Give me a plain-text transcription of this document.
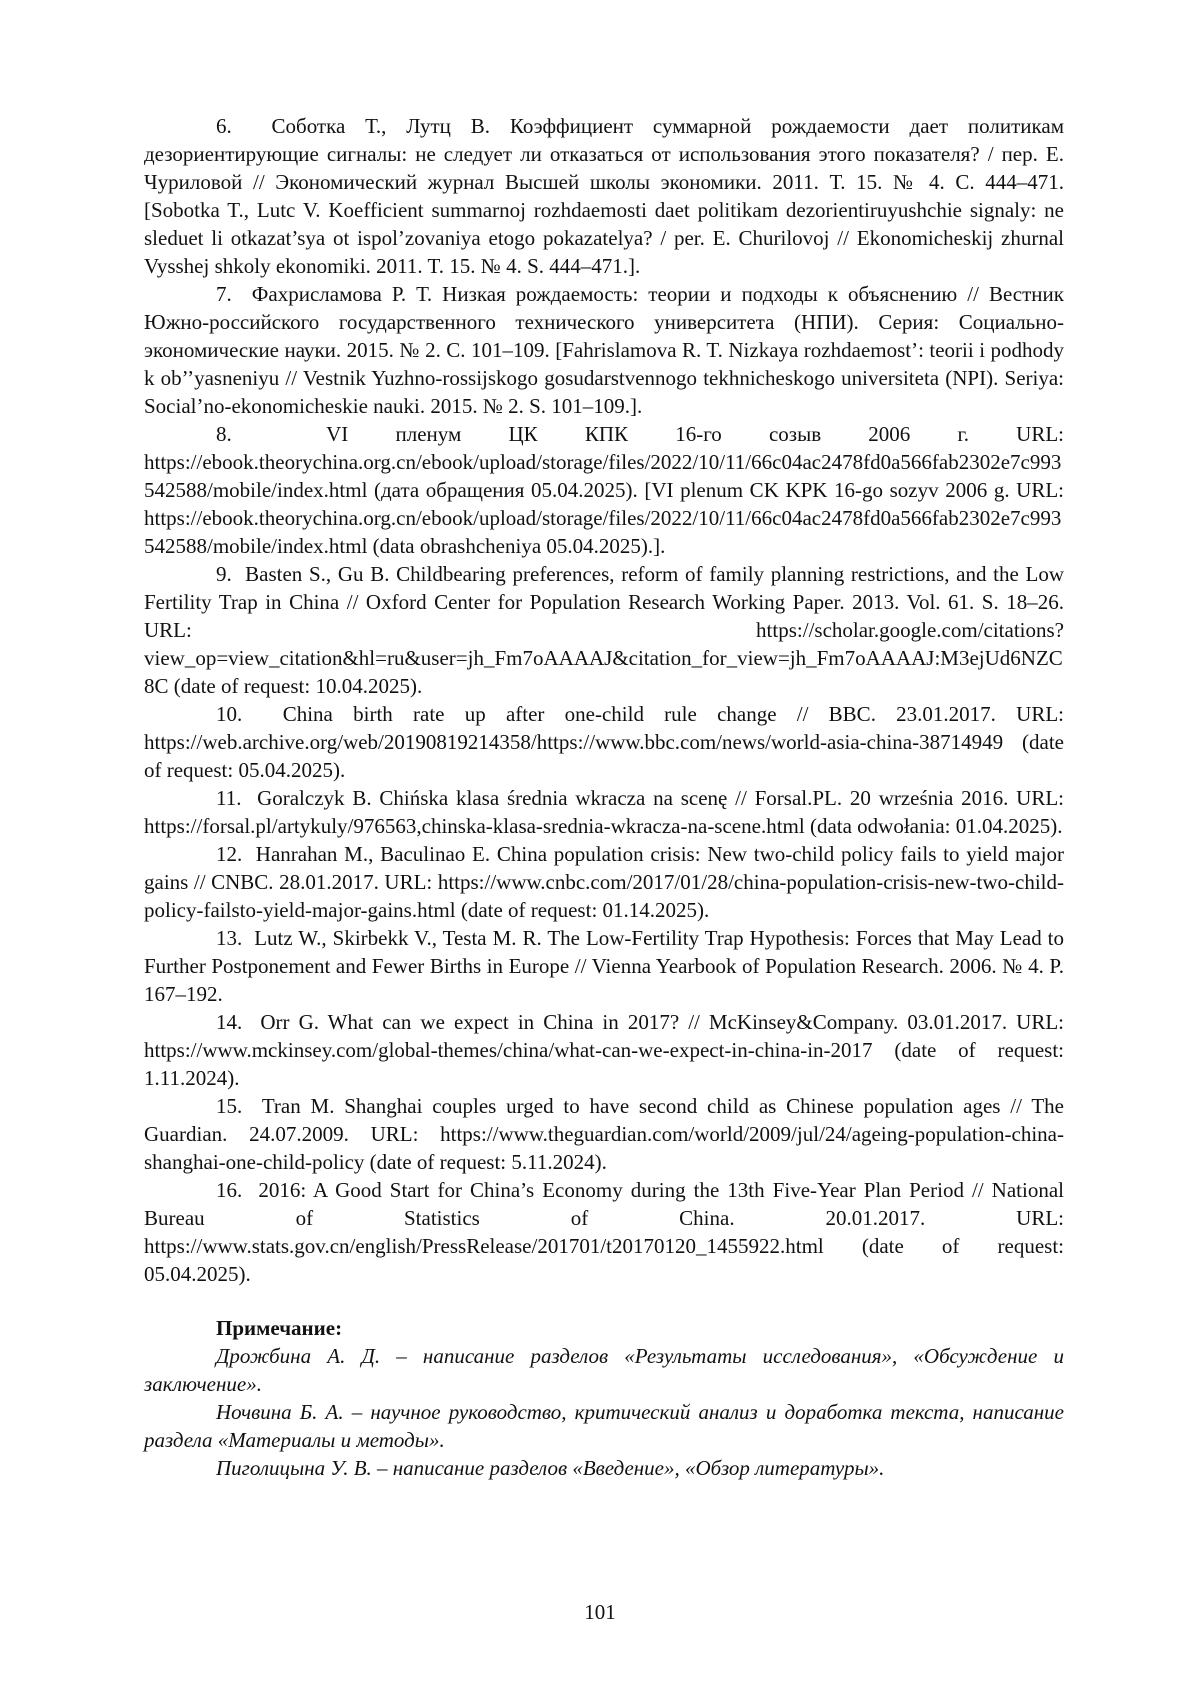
6. Соботка Т., Лутц В. Коэффициент суммарной рождаемости дает политикам дезориентирующие сигналы: не следует ли отказаться от использования этого показателя? / пер. Е. Чуриловой // Экономический журнал Высшей школы экономики. 2011. Т. 15. № 4. С. 444–471. [Sobotka T., Lutc V. Koefficient summarnoj rozhdaemosti daet politikam dezorientiruyushchie signaly: ne sleduet li otkazat’sya ot ispol’zovaniya etogo pokazatelya? / per. E. Churilovoj // Ekonomicheskij zhurnal Vysshej shkoly ekonomiki. 2011. T. 15. № 4. S. 444–471.].

7. Фахрисламова Р. Т. Низкая рождаемость: теории и подходы к объяснению // Вестник Южно-российского государственного технического университета (НПИ). Серия: Социально-экономические науки. 2015. № 2. С. 101–109. [Fahrislamova R. T. Nizkaya rozhdaemost’: teorii i podhody k ob’’yasneniyu // Vestnik Yuzhno-rossijskogo gosudarstvennogo tekhnicheskogo universiteta (NPI). Seriya: Social’no-ekonomicheskie nauki. 2015. № 2. S. 101–109.].

8.	VI пленум ЦК КПК 16-го созыв 2006 г. URL: https://ebook.theorychina.org.cn/ebook/upload/storage/files/2022/10/11/66c04ac2478fd0a566fab2302e7c993542588/mobile/index.html (дата обращения 05.04.2025). [VI plenum CK KPK 16-go sozyv 2006 g. URL: https://ebook.theorychina.org.cn/ebook/upload/storage/files/2022/10/11/66c04ac2478fd0a566fab2302e7c993542588/mobile/index.html (data obrashcheniya 05.04.2025).].

9. Basten S., Gu B. Childbearing preferences, reform of family planning restrictions, and the Low Fertility Trap in China // Oxford Center for Population Research Working Paper. 2013. Vol. 61. S. 18–26. URL: https://scholar.google.com/citations?view_op=view_citation&hl=ru&user=jh_Fm7oAAAAJ&citation_for_view=jh_Fm7oAAAAJ:M3ejUd6NZC8C (date of request: 10.04.2025).

10. China birth rate up after one-child rule change // BBC. 23.01.2017. URL: https://web.archive.org/web/20190819214358/https://www.bbc.com/news/world-asia-china-38714949 (date of request: 05.04.2025).

11. Goralczyk B. Chińska klasa średnia wkracza na scenę // Forsal.PL. 20 września 2016. URL: https://forsal.pl/artykuly/976563,chinska-klasa-srednia-wkracza-na-scene.html (data odwołania: 01.04.2025).

12. Hanrahan M., Baculinao E. China population crisis: New two-child policy fails to yield major gains // CNBC. 28.01.2017. URL: https://www.cnbc.com/2017/01/28/china-population-crisis-new-two-child-policy-failsto-yield-major-gains.html (date of request: 01.14.2025).

13. Lutz W., Skirbekk V., Testa M. R. The Low-Fertility Trap Hypothesis: Forces that May Lead to Further Postponement and Fewer Births in Europe // Vienna Yearbook of Population Research. 2006. № 4. P. 167–192.

14. Orr G. What can we expect in China in 2017? // McKinsey&Company. 03.01.2017. URL: https://www.mckinsey.com/global-themes/china/what-can-we-expect-in-china-in-2017 (date of request: 1.11.2024).

15. Tran M. Shanghai couples urged to have second child as Chinese population ages // The Guardian. 24.07.2009. URL: https://www.theguardian.com/world/2009/jul/24/ageing-population-china-shanghai-one-child-policy (date of request: 5.11.2024).

16. 2016: A Good Start for China’s Economy during the 13th Five-Year Plan Period // National Bureau of Statistics of China. 20.01.2017. URL: https://www.stats.gov.cn/english/PressRelease/201701/t20170120_1455922.html (date of request: 05.04.2025).

Примечание:

Дрожбина А. Д. – написание разделов «Результаты исследования», «Обсуждение и заключение».

Ночвина Б. А. – научное руководство, критический анализ и доработка текста, написание раздела «Материалы и методы».

Пиголицына У. В. – написание разделов «Введение», «Обзор литературы».

101
